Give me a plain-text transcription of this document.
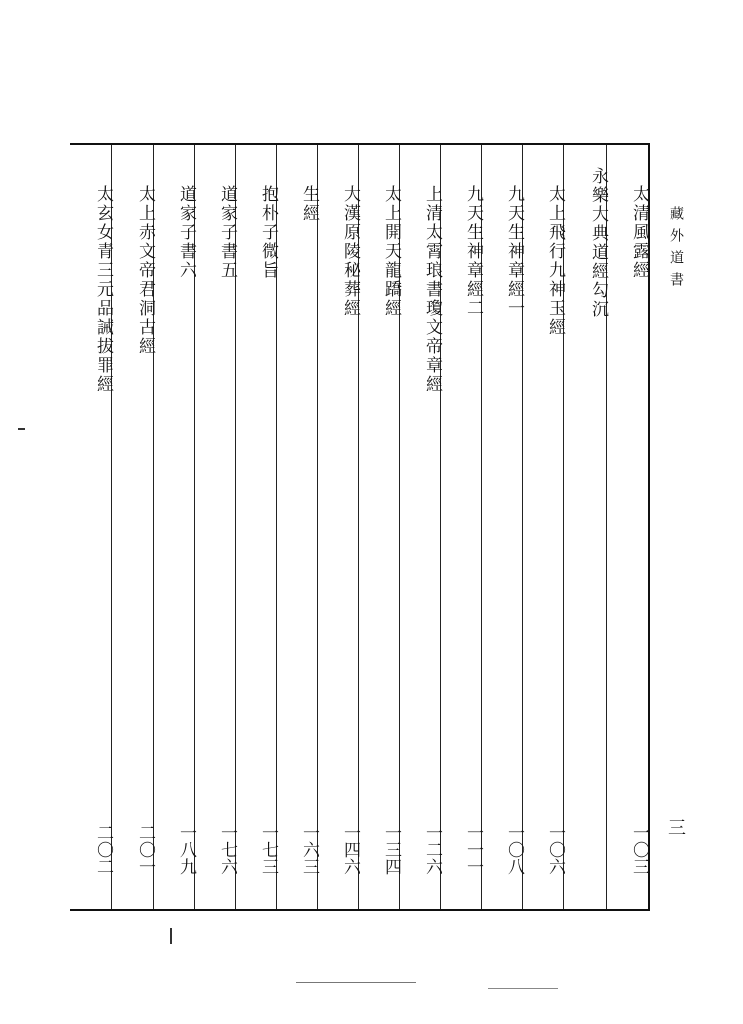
藏外道書
三
太清風露經
一〇三
永樂大典道經勾沉
太上飛行九神玉經
一〇六
九天生神章經一
一〇八
九天生神章經二
一一一
上清太霄琅書瓊文帝章經
一二六
太上開天龍蹻經
一三四
大漢原陵秘葬經
一四六
生經
一六三
抱朴子微旨
一七三
道家子書五
一七六
道家子書六
一八九
太上赤文帝君洞古經
二〇一
太玄女青三元品誡拔罪經
二〇二
